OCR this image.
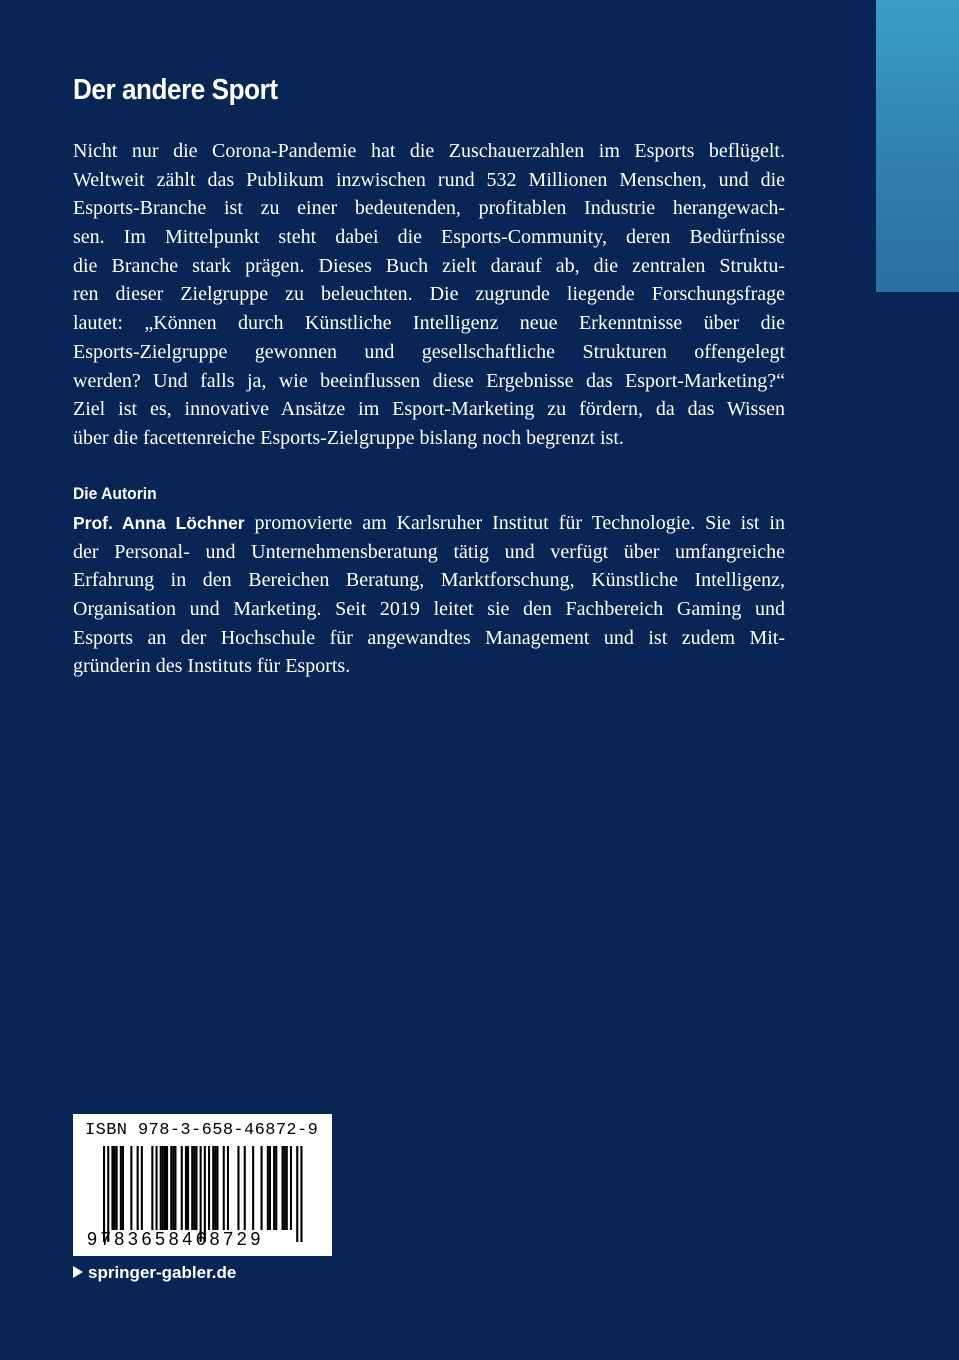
Der andere Sport
Nicht nur die Corona-Pandemie hat die Zuschauerzahlen im Esports beflügelt.
Weltweit zählt das Publikum inzwischen rund 532 Millionen Menschen, und die
Esports-Branche ist zu einer bedeutenden, profitablen Industrie herangewach-
sen. Im Mittelpunkt steht dabei die Esports-Community, deren Bedürfnisse
die Branche stark prägen. Dieses Buch zielt darauf ab, die zentralen Struktu-
ren dieser Zielgruppe zu beleuchten. Die zugrunde liegende Forschungsfrage
lautet: „Können durch Künstliche Intelligenz neue Erkenntnisse über die
Esports-Zielgruppe gewonnen und gesellschaftliche Strukturen offengelegt
werden? Und falls ja, wie beeinflussen diese Ergebnisse das Esport-Marketing?“
Ziel ist es, innovative Ansätze im Esport-Marketing zu fördern, da das Wissen
über die facettenreiche Esports-Zielgruppe bislang noch begrenzt ist.
Die Autorin
Prof. Anna Löchner promovierte am Karlsruher Institut für Technologie. Sie ist in
der Personal- und Unternehmensberatung tätig und verfügt über umfangreiche
Erfahrung in den Bereichen Beratung, Marktforschung, Künstliche Intelligenz,
Organisation und Marketing. Seit 2019 leitet sie den Fachbereich Gaming und
Esports an der Hochschule für angewandtes Management und ist zudem Mit-
gründerin des Instituts für Esports.
ISBN 978-3-658-46872-9
9783658468729
springer-gabler.de
